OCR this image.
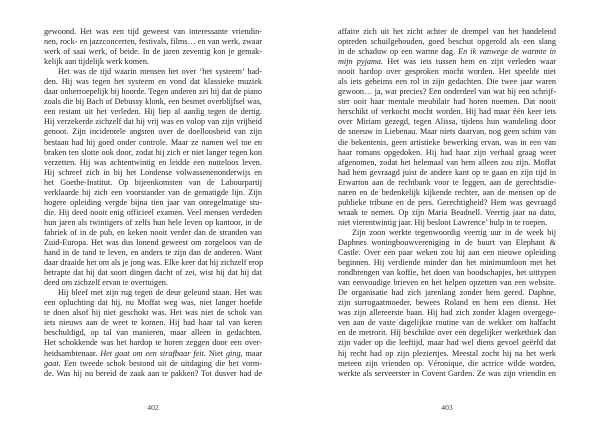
gewoond. Het was een tijd geweest van interessante vriendin-
nen, rock- en jazzconcerten, festivals, films… en van werk, zwaar
werk of saai werk, of beide. In de jaren zeventig kon je gemak-
kelijk aan tijdelijk werk komen.
Het was de tijd waarin mensen het over ‘het systeem’ had-
den. Hij was tegen het systeem en vond dat klassieke muziek
daar onherroepelijk bij hoorde. Tegen anderen zei hij dat de piano
zoals die bij Bach of Debussy klonk, een besmet overblijfsel was,
een restant uit het verleden. Hij liep al aardig tegen de dertig.
Hij verzekerde zichzelf dat hij vrij was en volop van zijn vrijheid
genoot. Zijn incidentele angsten over de doelloosheid van zijn
bestaan had hij goed onder controle. Maar ze namen wel toe en
braken ten slotte ook door, zodat hij zich er niet langer tegen kon
verzetten. Hij was achtentwintig en leidde een nutteloos leven.
Hij schreef zich in bij het Londense volwassenenonderwijs en
het Goethe-Institut. Op bijeenkomsten van de Labourpartij
verklaarde hij zich een voorstander van de gematigde lijn. Zijn
hogere opleiding vergde bijna tien jaar van onregelmatige stu-
die. Hij deed nooit enig officieel examen. Veel mensen verdeden
hun jaren als twintigers of zelfs hun hele leven op kantoor, in de
fabriek of in de pub, en keken nooit verder dan de stranden van
Zuid-Europa. Het was dus lonend geweest om zorgeloos van de
hand in de tand te leven, en anders te zijn dan de anderen. Want
daar draaide het om als je jong was. Elke keer dat hij zichzelf erop
betrapte dat hij dat soort dingen dacht of zei, wist hij dat hij dat
deed om zichzelf ervan te overtuigen.
Hij bleef met zijn rug tegen de deur geleund staan. Het was
een opluchting dat hij, nu Moffat weg was, niet langer hoefde
te doen alsof hij niet geschokt was. Het was niet de schok van
iets nieuws aan de weet te komen. Hij had haar tal van keren
beschuldigd, op tal van manieren, maar alleen in gedachten.
Het schokkende was het hardop te horen zeggen door een over-
heidsambtenaar. Het gaat om een strafbaar feit. Niet ging, maar
gaat. Een tweede schok bestond uit de uitdaging die het vorm-
de. Was hij nu bereid de zaak aan te pakken? Tot dusver had de
402
affaire zich uit het zicht achter de drempel van het handelend
optreden schuilgehouden, goed beschut opgerold als een slang
in de schaduw op een warme dag. En ik vanwege de warmte in
mijn pyjama. Het was iets tussen hem en zijn verleden waar
nooit hardop over gesproken mocht worden. Het speelde niet
als iets geheims een rol in zijn gedachten. Die twee jaar waren
gewoon… ja, wat precies? Een onderdeel van wat hij een schrijf-
ster ooit haar mentale meubilair had horen noemen. Dat nooit
herschikt of verkocht mocht worden. Hij had maar één keer iets
over Miriam gezegd, tegen Alissa, tijdens hun wandeling door
de sneeuw in Liebenau. Maar niets daarvan, nog geen schim van
die bekentenis, geen artistieke bewerking ervan, was in een van
haar romans opgedoken. Hij had haar zijn verhaal graag weer
afgenomen, zodat het helemaal van hem alleen zou zijn. Moffat
had hem gevraagd juist de andere kant op te gaan en zijn tijd in
Erwarton aan de rechtbank voor te leggen, aan de gerechtsdie-
naren en de bedenkelijk kijkende rechter, aan de mensen op de
publieke tribune en de pers. Gerechtigheid? Hem was gevraagd
wraak te nemen. Op zijn Maria Beadnell. Veertig jaar na dato,
niet vierentwintig jaar. Hij besloot Lawrence’ hulp in te roepen.
Zijn zoon werkte tegenwoordig veertig uur in de week bij
Daphnes woningbouwvereniging in de buurt van Elephant &
Castle. Over een paar weken zou hij aan een nieuwe opleiding
beginnen. Hij verdiende minder dan het minimumloon met het
rondbrengen van koffie, het doen van boodschapjes, het uittypen
van eenvoudige brieven en het helpen opzetten van een website.
De organisatie had zich jarenlang zonder hem gered. Daphne,
zijn surrogaatmoeder, bewees Roland en hem een dienst. Het
was zijn allereerste baan. Hij had zich zonder klagen overgege-
ven aan de vaste dagelijkse routine van de wekker om halfacht
en de metrorit. Hij beschikte over een degelijker werkethiek dan
zijn vader op die leeftijd, maar had wel diens gevoel geërfd dat
hij recht had op zijn pleziertjes. Meestal zocht hij na het werk
meteen zijn vrienden op. Véronique, die actrice wilde worden,
werkte als serveerster in Covent Garden. Ze was zijn vriendin en
403
